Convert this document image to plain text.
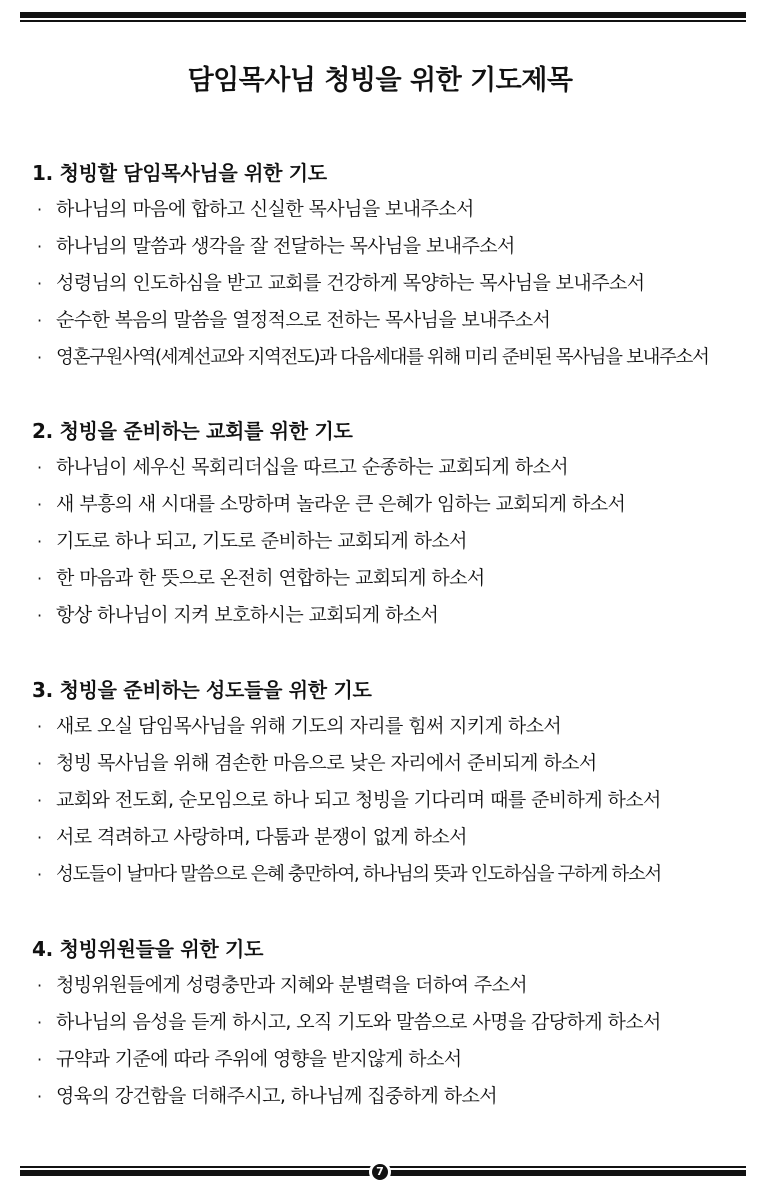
담임목사님 청빙을 위한 기도제목
1. 청빙할 담임목사님을 위한 기도
· 하나님의 마음에 합하고 신실한 목사님을 보내주소서
· 하나님의 말씀과 생각을 잘 전달하는 목사님을 보내주소서
· 성령님의 인도하심을 받고 교회를 건강하게 목양하는 목사님을 보내주소서
· 순수한 복음의 말씀을 열정적으로 전하는 목사님을 보내주소서
· 영혼구원사역(세계선교와 지역전도)과 다음세대를 위해 미리 준비된 목사님을 보내주소서
2. 청빙을 준비하는 교회를 위한 기도
· 하나님이 세우신 목회리더십을 따르고 순종하는 교회되게 하소서
· 새 부흥의 새 시대를 소망하며 놀라운 큰 은혜가 임하는 교회되게 하소서
· 기도로 하나 되고, 기도로 준비하는 교회되게 하소서
· 한 마음과 한 뜻으로 온전히 연합하는 교회되게 하소서
· 항상 하나님이 지켜 보호하시는 교회되게 하소서
3. 청빙을 준비하는 성도들을 위한 기도
· 새로 오실 담임목사님을 위해 기도의 자리를 힘써 지키게 하소서
· 청빙 목사님을 위해 겸손한 마음으로 낮은 자리에서 준비되게 하소서
· 교회와 전도회, 순모임으로 하나 되고 청빙을 기다리며 때를 준비하게 하소서
· 서로 격려하고 사랑하며, 다툼과 분쟁이 없게 하소서
· 성도들이 날마다 말씀으로 은혜 충만하여, 하나님의 뜻과 인도하심을 구하게 하소서
4. 청빙위원들을 위한 기도
· 청빙위원들에게 성령충만과 지혜와 분별력을 더하여 주소서
· 하나님의 음성을 듣게 하시고, 오직 기도와 말씀으로 사명을 감당하게 하소서
· 규약과 기준에 따라 주위에 영향을 받지않게 하소서
· 영육의 강건함을 더해주시고, 하나님께 집중하게 하소서
7
